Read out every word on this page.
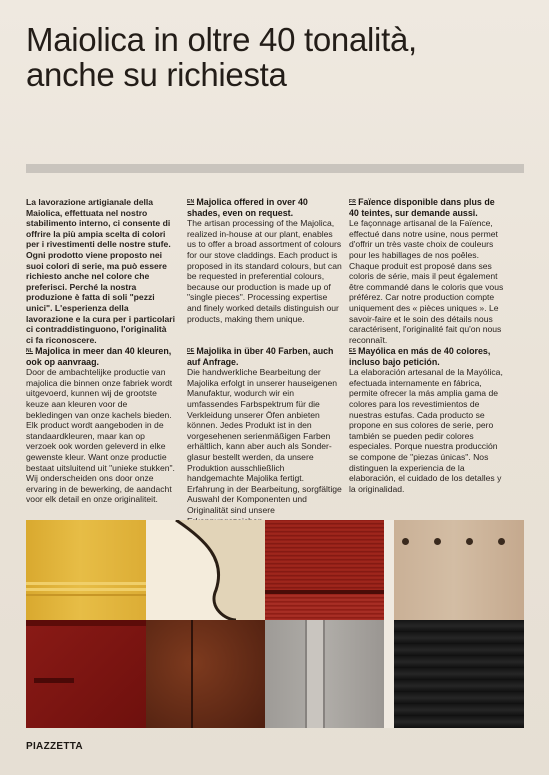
Maiolica in oltre 40 tonalità, anche su richiesta

La lavorazione artigianale della Maiolica, effettuata nel nostro stabilimento interno, ci consente di offrire la più ampia scelta di colori per i rivestimenti delle nostre stufe. Ogni prodotto viene proposto nei suoi colori di serie, ma può essere richiesto anche nel colore che preferisci. Perché la nostra produzione è fatta di soli "pezzi unici". L'esperienza della lavorazione e la cura per i particolari ci contraddistinguono, l'originalità ci fa riconoscere.

$^{NL}$ Majolica in meer dan 40 kleuren, ook op aanvraag.

Door de ambachtelijke productie van majolica die binnen onze fabriek wordt uitgevoerd, kunnen wij de grootste keuze aan kleuren voor de bekledingen van onze kachels bieden. Elk product wordt aangeboden in de standaardkleuren, maar kan op verzoek ook worden geleverd in elke gewenste kleur. Want onze productie bestaat uitsluitend uit "unieke stukken". Wij onderscheiden ons door onze ervaring in de bewerking, de aandacht voor elk detail en onze originaliteit.

$^{EN}$ Majolica offered in over 40 shades, even on request.

The artisan processing of the Majolica, realized in-house at our plant, enables us to offer a broad assortment of colours for our stove claddings. Each product is proposed in its standard colours, but can be requested in preferential colours, because our production is made up of "single pieces". Processing expertise and finely worked details distinguish our products, making them unique.

$^{DE}$ Majolika in über 40 Farben, auch auf Anfrage.

Die handwerkliche Bearbeitung der Majolika erfolgt in unserer hauseigenen Manufaktur, wodurch wir ein umfassendes Farbspektrum für die Verkleidung unserer Öfen anbieten können. Jedes Produkt ist in den vorgesehenen serienmäßigen Farben erhältlich, kann aber auch als Sonder-glasur bestellt werden, da unsere Produktion ausschließlich handgemachte Majolika fertigt. Erfahrung in der Bearbeitung, sorgfältige Auswahl der Komponenten und Originalität sind unsere

$^{FR}$ Faïence disponible dans plus de 40 teintes, sur demande aussi.

Le façonnage artisanal de la Faïence, effectué dans notre usine, nous permet d'offrir un très vaste choix de couleurs pour les habillages de nos poêles. Chaque produit est proposé dans ses coloris de série, mais il peut également être commandé dans le coloris que vous préférez. Car notre production compte uniquement des « pièces uniques ». Le savoir-faire et le soin des détails nous caractérisent, l'originalité fait qu'on nous reconnaît.

$^{ES}$ Mayólica en más de 40 colores, incluso bajo petición.

La elaboración artesanal de la Mayólica, efectuada internamente en fábrica, permite ofrecer la más amplia gama de colores para los revestimientos de nuestras estufas. Cada producto se propone en sus colores de serie, pero también se pueden pedir colores especiales. Porque nuestra producción se compone de "piezas únicas". Nos distinguen la experiencia de la elaboración, el cuidado de los detalles y la originalidad.

PIAZZETTA
